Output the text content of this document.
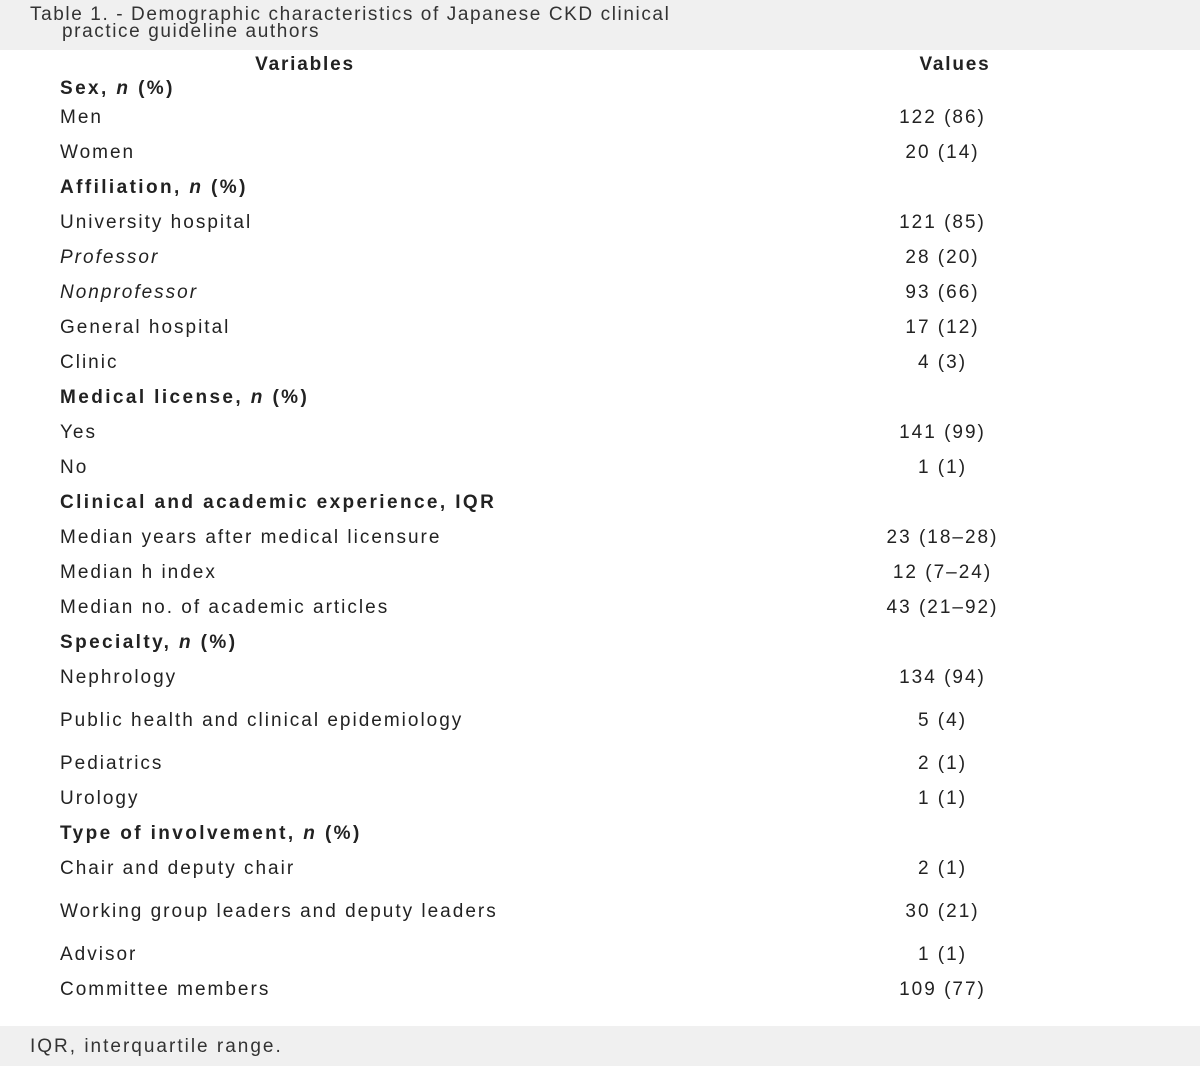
Table 1. - Demographic characteristics of Japanese CKD clinical
practice guideline authors
Variables	Values
Sex, n (%)	
Men	122 (86)
Women	20 (14)
Affiliation, n (%)	
University hospital	121 (85)
Professor	28 (20)
Nonprofessor	93 (66)
General hospital	17 (12)
Clinic	4 (3)
Medical license, n (%)	
Yes	141 (99)
No	1 (1)
Clinical and academic experience, IQR	
Median years after medical licensure	23 (18–28)
Median h index	12 (7–24)
Median no. of academic articles	43 (21–92)
Specialty, n (%)	
Nephrology	134 (94)
Public health and clinical epidemiology	5 (4)
Pediatrics	2 (1)
Urology	1 (1)
Type of involvement, n (%)	
Chair and deputy chair	2 (1)
Working group leaders and deputy leaders	30 (21)
Advisor	1 (1)
Committee members	109 (77)
IQR, interquartile range.
